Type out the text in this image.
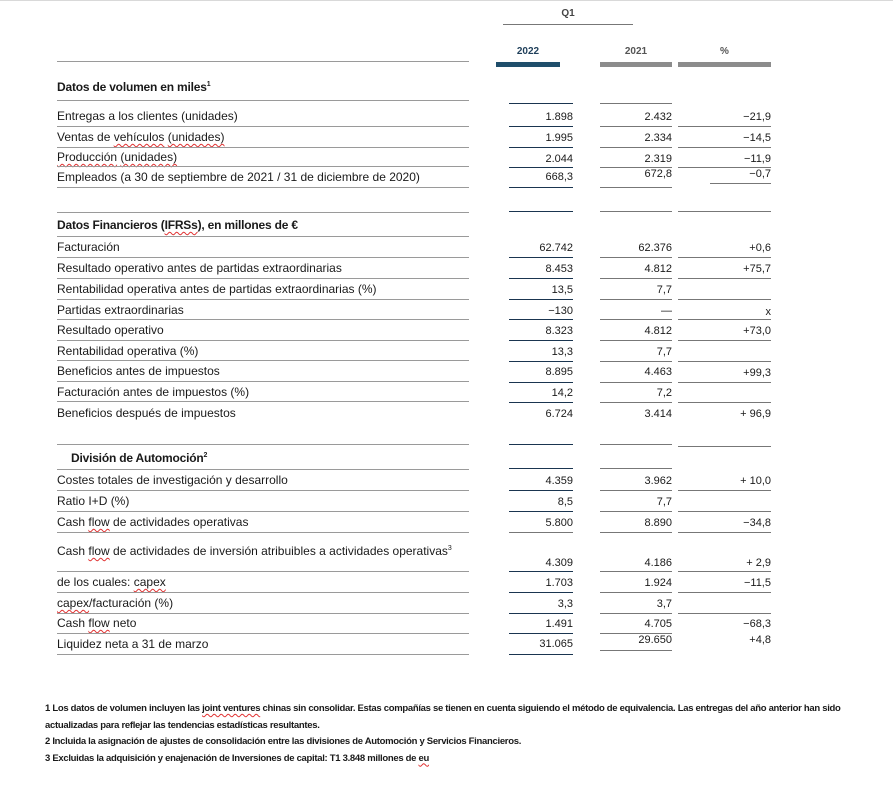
Q1
2022	2021	%
Datos de volumen en miles$^1$
Entregas a los clientes (unidades)	1.898	2.432	−21,9
Ventas de vehículos (unidades)	1.995	2.334	−14,5
Producción (unidades)	2.044	2.319	−11,9
Empleados (a 30 de septiembre de 2021 / 31 de diciembre de 2020)	668,3	672,8	−0,7
Datos Financieros (IFRSs), en millones de €
Facturación	62.742	62.376	+0,6
Resultado operativo antes de partidas extraordinarias	8.453	4.812	+75,7
Rentabilidad operativa antes de partidas extraordinarias (%)	13,5	7,7
Partidas extraordinarias	−130	—	x
Resultado operativo	8.323	4.812	+73,0
Rentabilidad operativa (%)	13,3	7,7
Beneficios antes de impuestos	8.895	4.463	+99,3
Facturación antes de impuestos (%)	14,2	7,2
Beneficios después de impuestos	6.724	3.414	+ 96,9
División de Automoción$^2$
Costes totales de investigación y desarrollo	4.359	3.962	+ 10,0
Ratio I+D (%)	8,5	7,7
Cash flow de actividades operativas	5.800	8.890	−34,8
Cash flow de actividades de inversión atribuibles a actividades operativas$^3$
4.309	4.186	+ 2,9
de los cuales: capex	1.703	1.924	−11,5
capex/facturación (%)	3,3	3,7
Cash flow neto	1.491	4.705	−68,3
Liquidez neta a 31 de marzo	31.065	29.650	+4,8
1 Los datos de volumen incluyen las joint ventures chinas sin consolidar. Estas compañías se tienen en cuenta siguiendo el método de equivalencia. Las entregas del año anterior han sido actualizadas para reflejar las tendencias estadísticas resultantes.
2 Incluida la asignación de ajustes de consolidación entre las divisiones de Automoción y Servicios Financieros.
3 Excluidas la adquisición y enajenación de Inversiones de capital: T1 3.848 millones de eu
